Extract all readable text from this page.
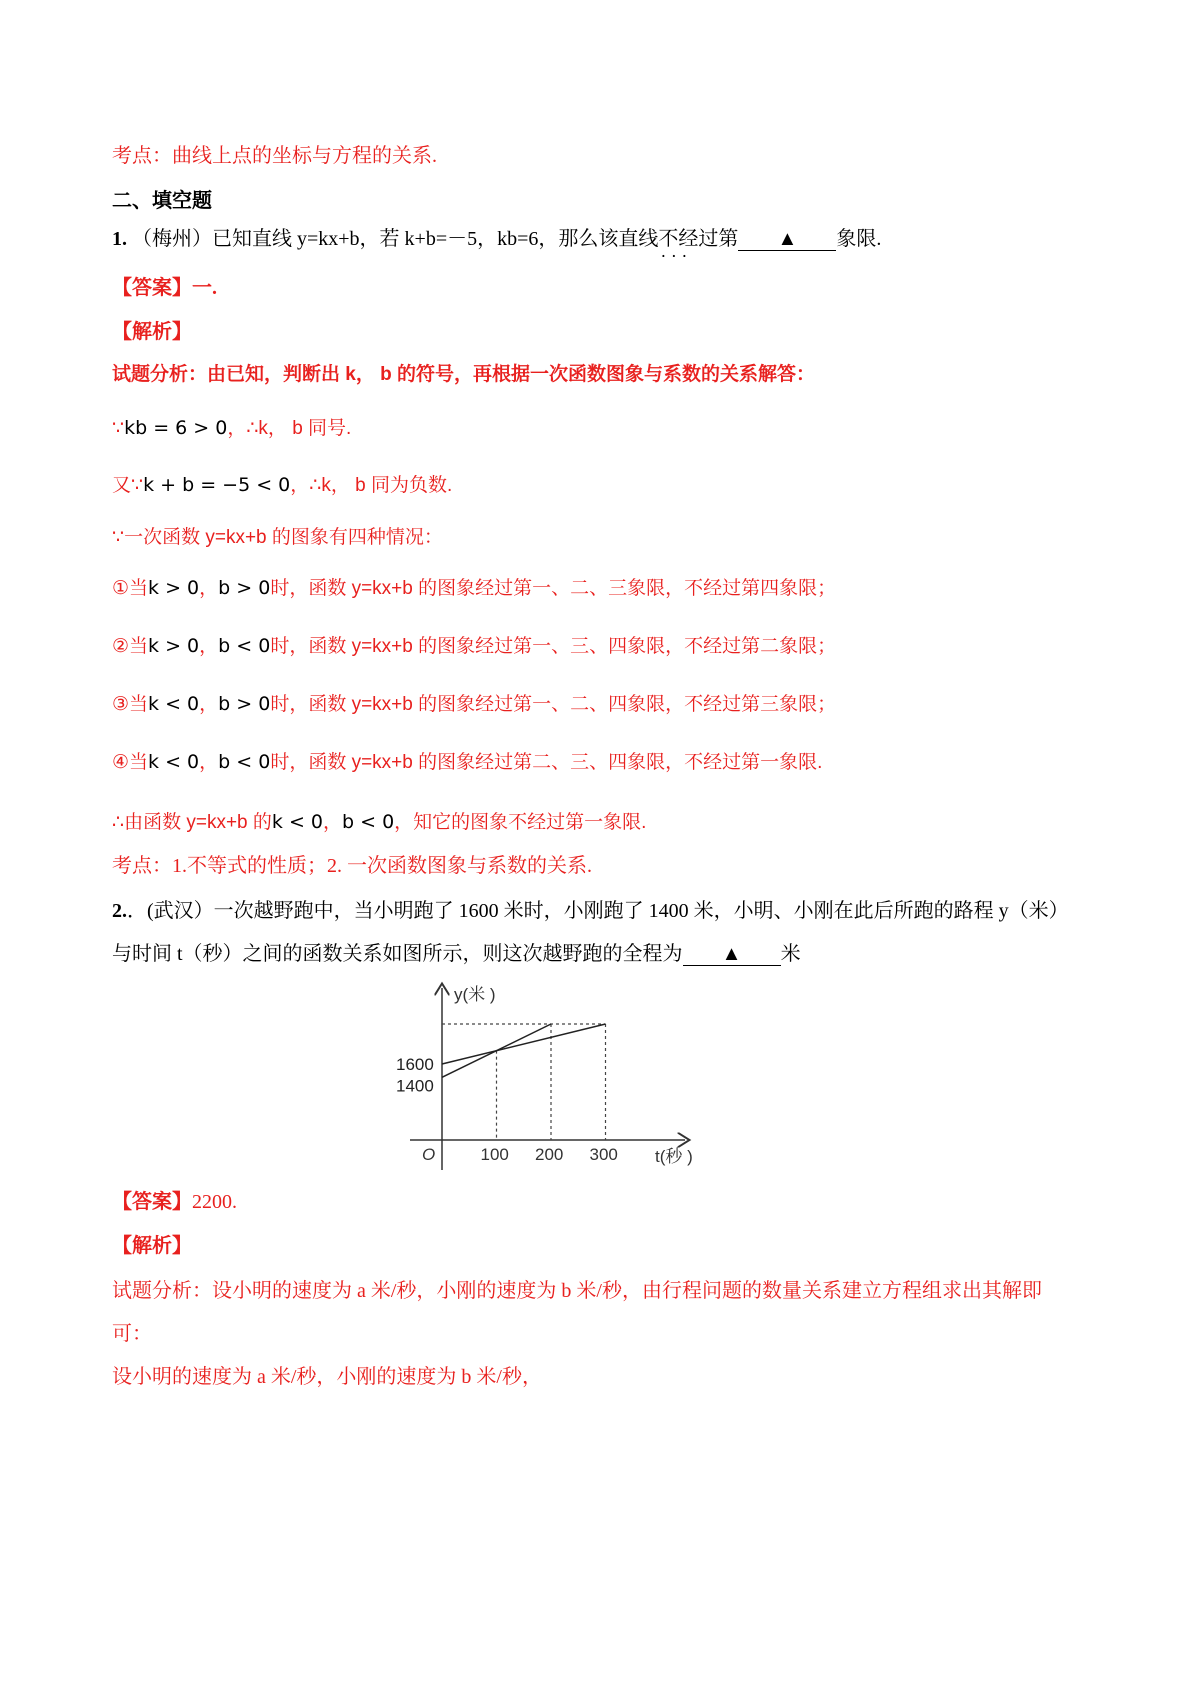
考点：曲线上点的坐标与方程的关系.
二、填空题
1. （梅州）已知直线 y=kx+b，若 k+b=－5，kb=6，那么该直线不经过 · · ·第 ▲ 象限.
【答案】一.
【解析】
试题分析：由已知，判断出 k， b 的符号，再根据一次函数图象与系数的关系解答：
∵kb = 6 > 0，∴k， b 同号.
又∵k + b = −5 < 0，∴k， b 同为负数.
∵一次函数 y=kx+b 的图象有四种情况：
①当k > 0，b > 0时，函数 y=kx+b 的图象经过第一、二、三象限，不经过第四象限；
②当k > 0，b < 0时，函数 y=kx+b 的图象经过第一、三、四象限，不经过第二象限；
③当k < 0，b > 0时，函数 y=kx+b 的图象经过第一、二、四象限，不经过第三象限；
④当k < 0，b < 0时，函数 y=kx+b 的图象经过第二、三、四象限，不经过第一象限.
∴由函数 y=kx+b 的k < 0，b < 0，知它的图象不经过第一象限.
考点：1.不等式的性质；2. 一次函数图象与系数的关系.
2.．(武汉）一次越野跑中，当小明跑了 1600 米时，小刚跑了 1400 米，小明、小刚在此后所跑的路程 y（米）
与时间 t（秒）之间的函数关系如图所示，则这次越野跑的全程为 ▲ 米
y(米 )
t(秒 )
O	100 200 300
1600
1400
【答案】2200.
【解析】
试题分析：设小明的速度为 a 米/秒，小刚的速度为 b 米/秒，由行程问题的数量关系建立方程组求出其解即
可：
设小明的速度为 a 米/秒，小刚的速度为 b 米/秒，
